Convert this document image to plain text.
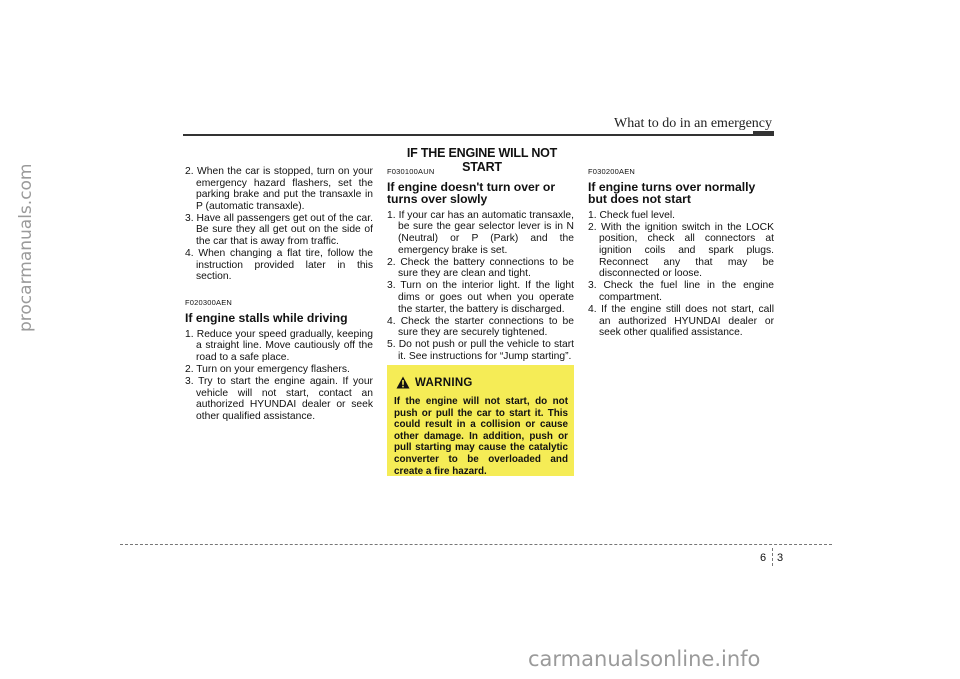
procarmanuals.com
What to do in an emergency
IF THE ENGINE WILL NOT START
2. When the car is stopped, turn on your emergency hazard flashers, set the parking brake and put the transaxle in P (automatic transaxle).
3. Have all passengers get out of the car. Be sure they all get out on the side of the car that is away from traffic.
4. When changing a flat tire, follow the instruction provided later in this section.
F020300AEN
If engine stalls while driving
1. Reduce your speed gradually, keeping a straight line. Move cautiously off the road to a safe place.
2. Turn on your emergency flashers.
3. Try to start the engine again. If your vehicle will not start, contact an authorized HYUNDAI dealer or seek other qualified assistance.
F030100AUN
If engine doesn't turn over or turns over slowly
1. If your car has an automatic transaxle, be sure the gear selector lever is in N (Neutral) or P (Park) and the emergency brake is set.
2. Check the battery connections to be sure they are clean and tight.
3. Turn on the interior light. If the light dims or goes out when you operate the starter, the battery is discharged.
4. Check the starter connections to be sure they are securely tightened.
5. Do not push or pull the vehicle to start it. See instructions for “Jump starting”.
WARNING
If the engine will not start, do not push or pull the car to start it. This could result in a collision or cause other damage. In addition, push or pull starting may cause the catalytic converter to be overloaded and create a fire hazard.
F030200AEN
If engine turns over normally but does not start
1. Check fuel level.
2. With the ignition switch in the LOCK position, check all connectors at ignition coils and spark plugs. Reconnect any that may be disconnected or loose.
3. Check the fuel line in the engine compartment.
4. If the engine still does not start, call an authorized HYUNDAI dealer or seek other qualified assistance.
6 3
carmanualsonline.info
